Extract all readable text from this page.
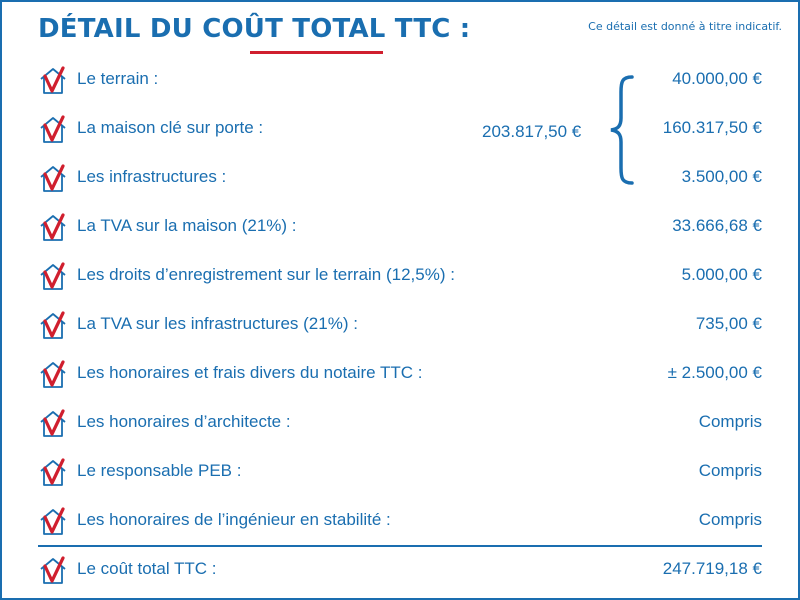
DÉTAIL DU COÛT TOTAL TTC :	Ce détail est donné à titre indicatif.
Le terrain :	40.000,00 €
La maison clé sur porte :	160.317,50 €
Les infrastructures :	3.500,00 €
203.817,50 €
La TVA sur la maison (21%) :	33.666,68 €
Les droits d’enregistrement sur le terrain (12,5%) :	5.000,00 €
La TVA sur les infrastructures (21%) :	735,00 €
Les honoraires et frais divers du notaire TTC :	± 2.500,00 €
Les honoraires d’architecte :	Compris
Le responsable PEB :	Compris
Les honoraires de l’ingénieur en stabilité :	Compris
Le coût total TTC :	247.719,18 €
